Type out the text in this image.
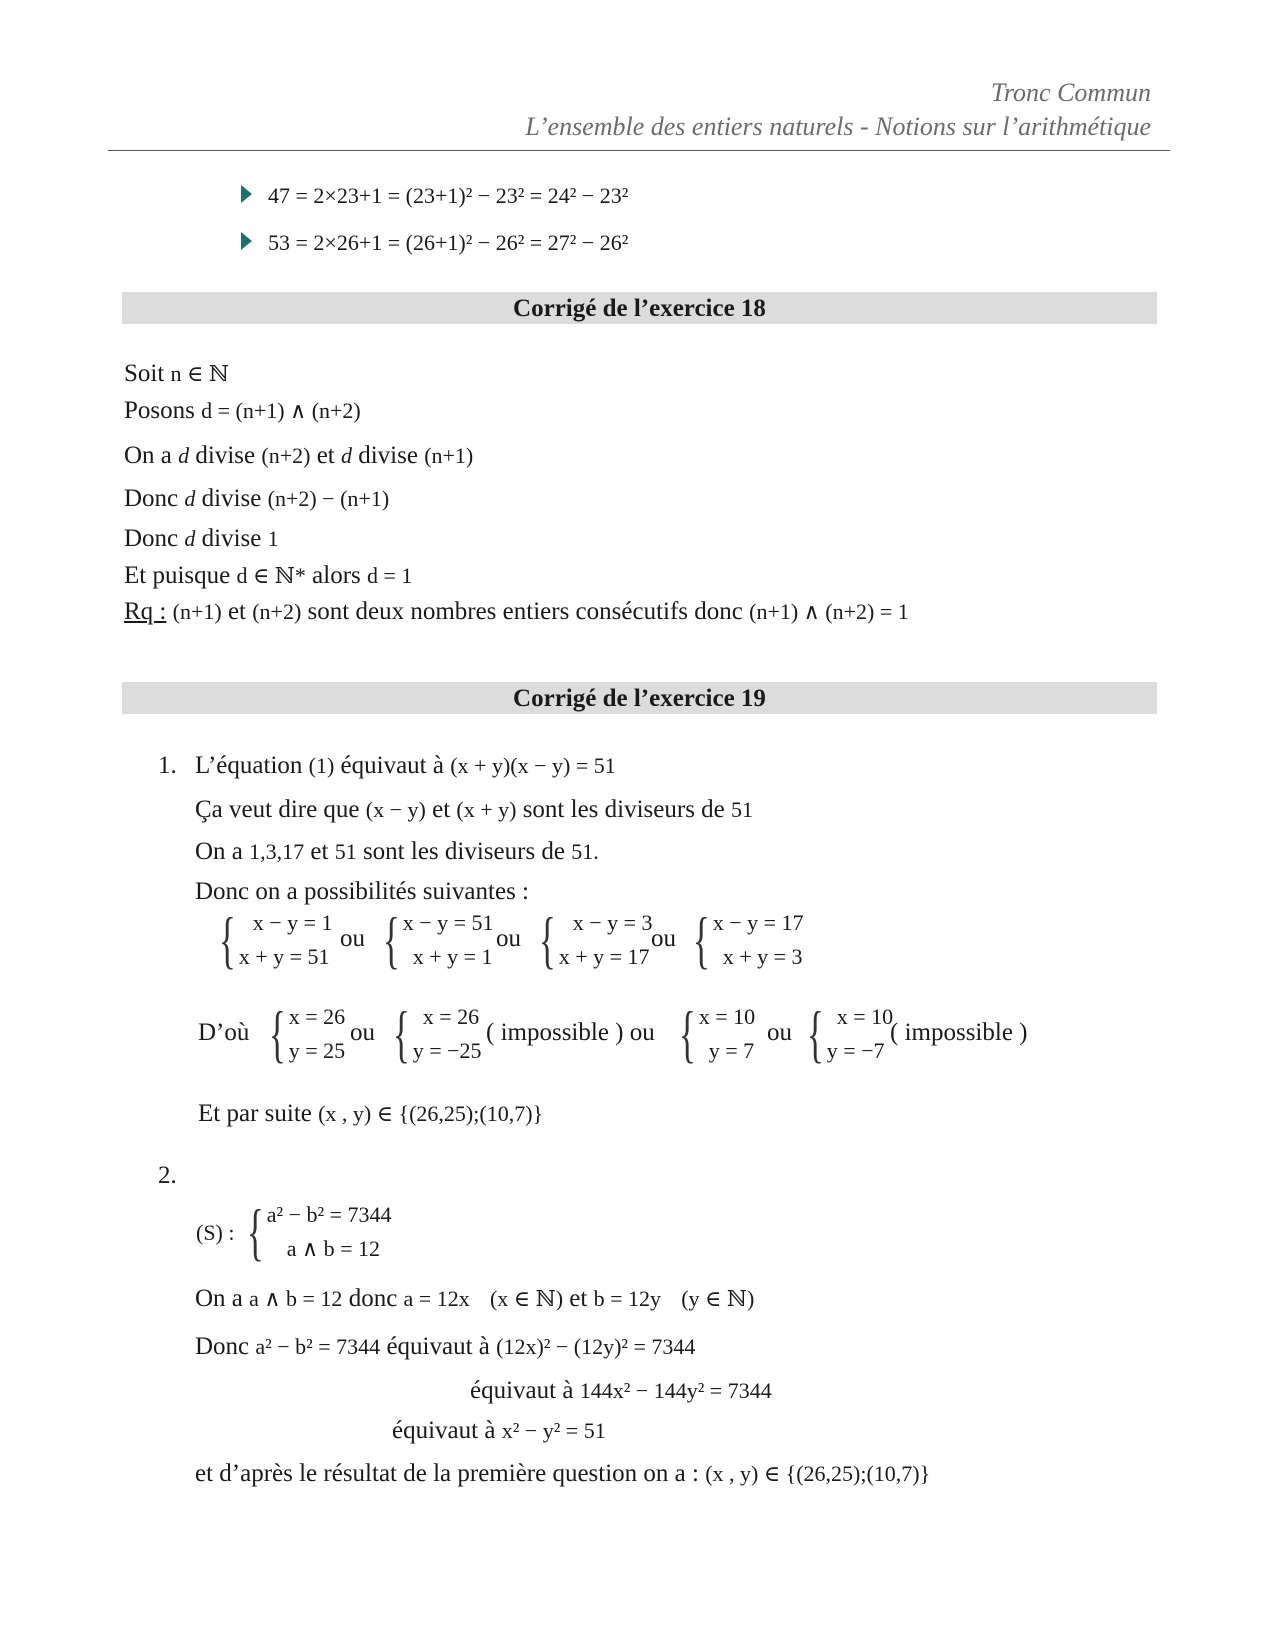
Tronc Commun
L’ensemble des entiers naturels - Notions sur l’arithmétique
47 = 2×23+1 = (23+1)² − 23² = 24² − 23²
53 = 2×26+1 = (26+1)² − 26² = 27² − 26²
Corrigé de l’exercice 18
Soit n ∈ ℕ
Posons d = (n+1) ∧ (n+2)
On a d divise (n+2) et d divise (n+1)
Donc d divise (n+2) − (n+1)
Donc d divise 1
Et puisque d ∈ ℕ* alors d = 1
Rq : (n+1) et (n+2) sont deux nombres entiers consécutifs donc (n+1) ∧ (n+2) = 1
Corrigé de l’exercice 19
1. L’équation (1) équivaut à (x + y)(x − y) = 51
Ça veut dire que (x − y) et (x + y) sont les diviseurs de 51
On a 1,3,17 et 51 sont les diviseurs de 51.
Donc on a possibilités suivantes :
{ x − y = 1
x + y = 51
ou { x − y = 51
x + y = 1
ou { x − y = 3
x + y = 17
ou { x − y = 17
x + y = 3
D’où { x = 26
y = 25
ou { x = 26
y = −25
( impossible ) ou { x = 10
y = 7
ou { x = 10
y = −7
( impossible )
Et par suite (x , y) ∈ {(26,25);(10,7)}
2.
(S) : { a² − b² = 7344
a ∧ b = 12
On a a ∧ b = 12 donc a = 12x (x ∈ ℕ) et b = 12y (y ∈ ℕ)
Donc a² − b² = 7344 équivaut à (12x)² − (12y)² = 7344
équivaut à 144x² − 144y² = 7344
équivaut à x² − y² = 51
et d’après le résultat de la première question on a : (x , y) ∈ {(26,25);(10,7)}
